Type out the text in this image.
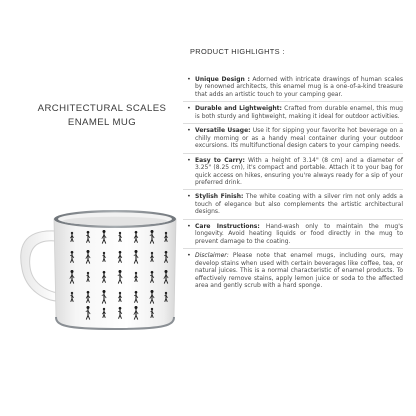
ARCHITECTURAL SCALES
ENAMEL MUG
PRODUCT HIGHLIGHTS :
• Unique Design : Adorned with intricate drawings of human scales by renowned architects, this enamel mug is a one-of-a-kind treasure that adds an artistic touch to your camping gear.
• Durable and Lightweight: Crafted from durable enamel, this mug is both sturdy and lightweight, making it ideal for outdoor activities.
• Versatile Usage: Use it for sipping your favorite hot beverage on a chilly morning or as a handy meal container during your outdoor excursions. Its multifunctional design caters to your camping needs.
• Easy to Carry: With a height of 3.14" (8 cm) and a diameter of 3.25" (8.25 cm), it's compact and portable. Attach it to your bag for quick access on hikes, ensuring you're always ready for a sip of your preferred drink.
• Stylish Finish: The white coating with a silver rim not only adds a touch of elegance but also complements the artistic architectural designs.
• Care Instructions: Hand-wash only to maintain the mug's longevity. Avoid heating liquids or food directly in the mug to prevent damage to the coating.
• Disclaimer: Please note that enamel mugs, including ours, may develop stains when used with certain beverages like coffee, tea, or natural juices. This is a normal characteristic of enamel products. To effectively remove stains, apply lemon juice or soda to the affected area and gently scrub with a hard sponge.
